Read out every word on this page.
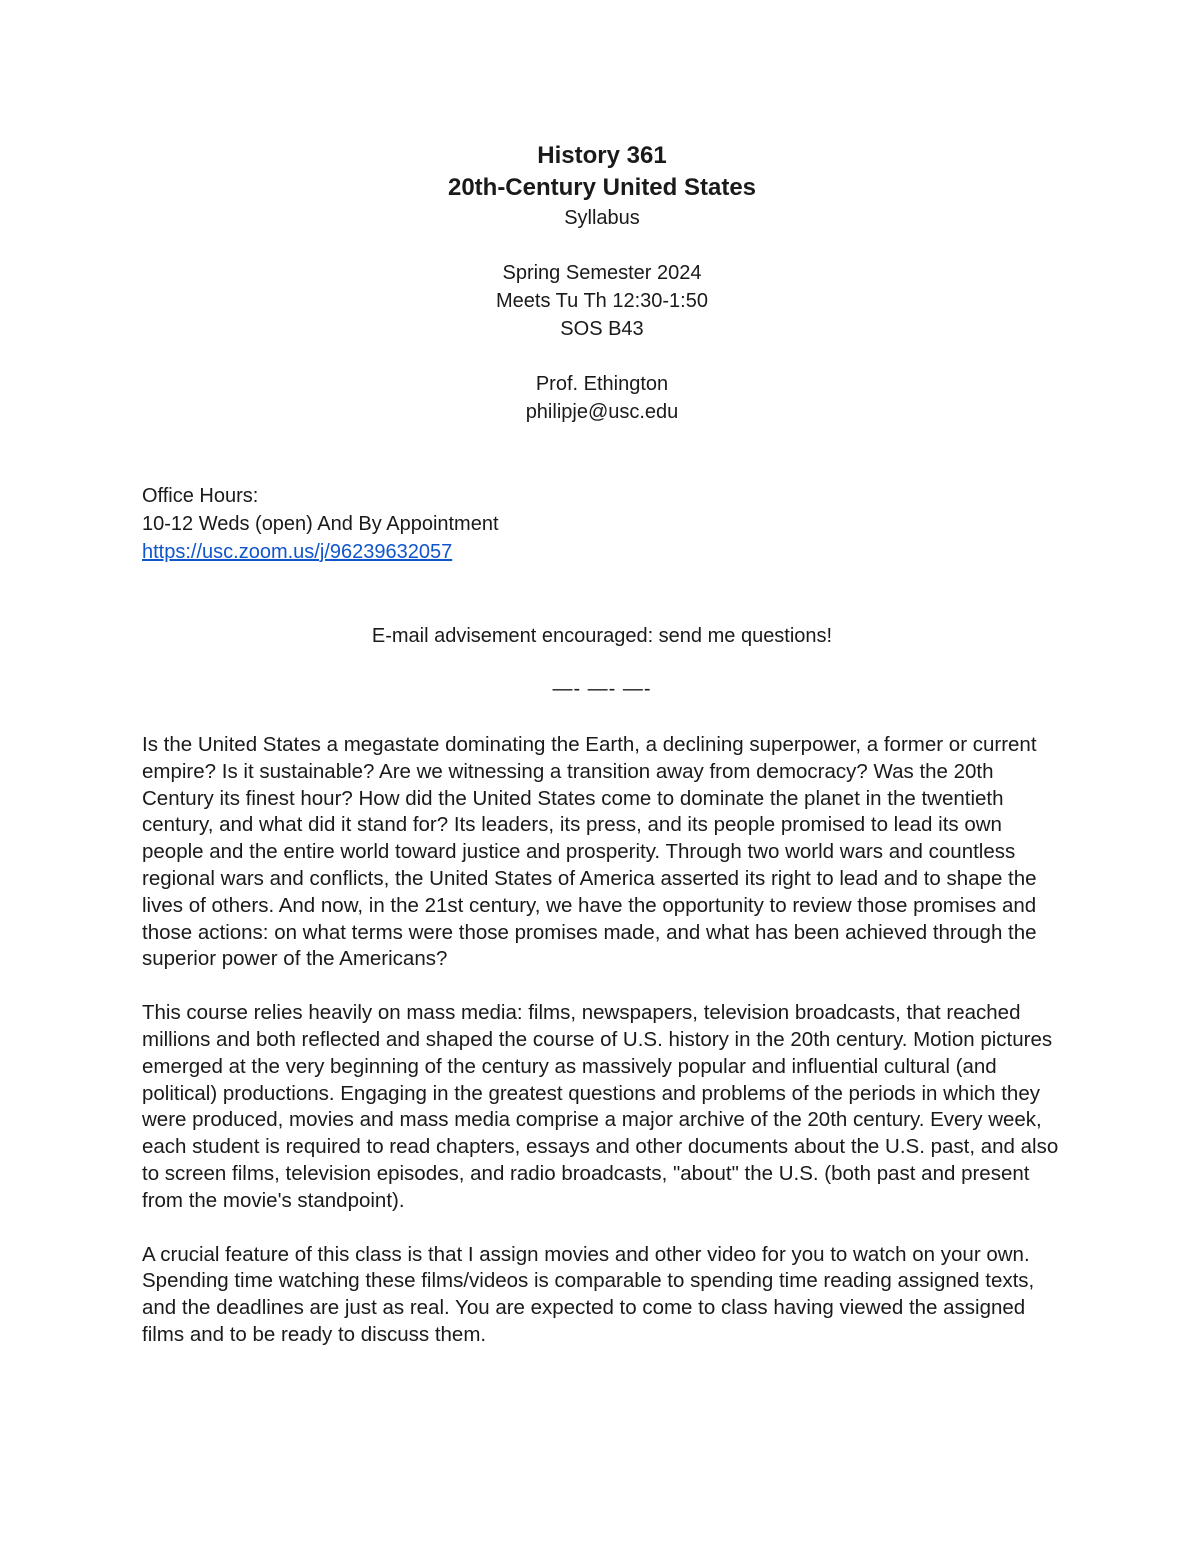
History 361
20th-Century United States
Syllabus
Spring Semester 2024
Meets Tu Th 12:30-1:50
SOS B43
Prof. Ethington
philipje@usc.edu
Office Hours:
10-12 Weds (open) And By Appointment
https://usc.zoom.us/j/96239632057
E-mail advisement encouraged: send me questions!
—- —- —-

Is the United States a megastate dominating the Earth, a declining superpower, a former or current empire? Is it sustainable? Are we witnessing a transition away from democracy? Was the 20th Century its finest hour? How did the United States come to dominate the planet in the twentieth century, and what did it stand for? Its leaders, its press, and its people promised to lead its own people and the entire world toward justice and prosperity. Through two world wars and countless regional wars and conflicts, the United States of America asserted its right to lead and to shape the lives of others. And now, in the 21st century, we have the opportunity to review those promises and those actions: on what terms were those promises made, and what has been achieved through the superior power of the Americans?

This course relies heavily on mass media: films, newspapers, television broadcasts, that reached millions and both reflected and shaped the course of U.S. history in the 20th century. Motion pictures emerged at the very beginning of the century as massively popular and influential cultural (and political) productions. Engaging in the greatest questions and problems of the periods in which they were produced, movies and mass media comprise a major archive of the 20th century. Every week, each student is required to read chapters, essays and other documents about the U.S. past, and also to screen films, television episodes, and radio broadcasts, "about" the U.S. (both past and present from the movie's standpoint).

A crucial feature of this class is that I assign movies and other video for you to watch on your own. Spending time watching these films/videos is comparable to spending time reading assigned texts, and the deadlines are just as real. You are expected to come to class having viewed the assigned films and to be ready to discuss them.
